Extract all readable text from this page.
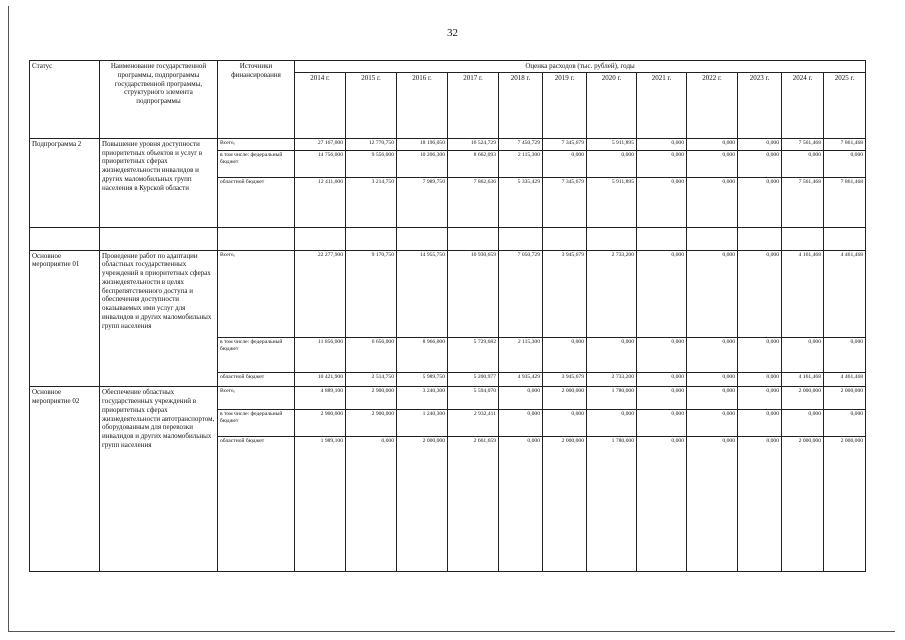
32
Статус	Наименование государственной программы, подпрограммы государственной программы, структурного элемента подпрограммы	Источники финансирования	Оценка расходов (тыс. рублей), годы											
			2014 г.	2015 г.	2016 г.	2017 г.	2018 г.	2019 г.	2020 г.	2021 г.	2022 г.	2023 г.	2024 г.	2025 г.
Подпрограмма 2	Повышение уровня доступности приоритетных объектов и услуг в приоритетных сферах жизнедеятельности инвалидов и других маломобильных групп населения в Курской области	Всего,	27 167,000	12 770,750	18 196,050	16 524,729	7 450,729	7 345,679	5 911,895	0,000	0,000	0,000	7 561,468	7 861,468
		в том числе: федеральный бюджет	14 756,000	9 556,000	10 206,300	8 662,093	2 115,300	0,000	0,000	0,000	0,000	0,000	0,000	0,000
		областной бюджет	12 411,000	3 214,750	7 989,750	7 862,636	5 335,429	7 345,679	5 911,895	0,000	0,000	0,000	7 561,468	7 861,468

Основное мероприятие 01	Проведение работ по адаптации областных государственных учреждений в приоритетных сферах жизнедеятельности в целях беспрепятственного доступа и обеспечения доступности оказываемых ими услуг для инвалидов и других маломобильных групп населения	Всего,	22 277,900	9 170,750	14 955,750	10 930,659	7 050,729	3 945,679	2 733,200	0,000	0,000	0,000	4 161,468	4 461,468
		в том числе: федеральный бюджет	11 856,000	6 656,000	8 966,000	5 729,682	2 115,300	0,000	0,000	0,000	0,000	0,000	0,000	0,000
		областной бюджет	10 421,900	2 514,750	5 989,750	5 200,977	4 935,429	3 945,679	2 733,200	0,000	0,000	0,000	4 161,468	4 461,468
Основное мероприятие 02	Обеспечение областных государственных учреждений в приоритетных сферах жизнедеятельности автотранспортом, оборудованным для перевозки инвалидов и других маломобильных групп населения	Всего,	4 889,100	2 900,000	3 240,300	5 594,070	0,000	2 000,000	1 780,000	0,000	0,000	0,000	2 000,000	2 000,000
		в том числе: федеральный бюджет	2 900,000	2 900,000	1 240,300	2 932,411	0,000	0,000	0,000	0,000	0,000	0,000	0,000	0,000
		областной бюджет	1 989,100	0,000	2 000,000	2 661,659	0,000	2 000,000	1 780,000	0,000	0,000	0,000	2 000,000	2 000,000
